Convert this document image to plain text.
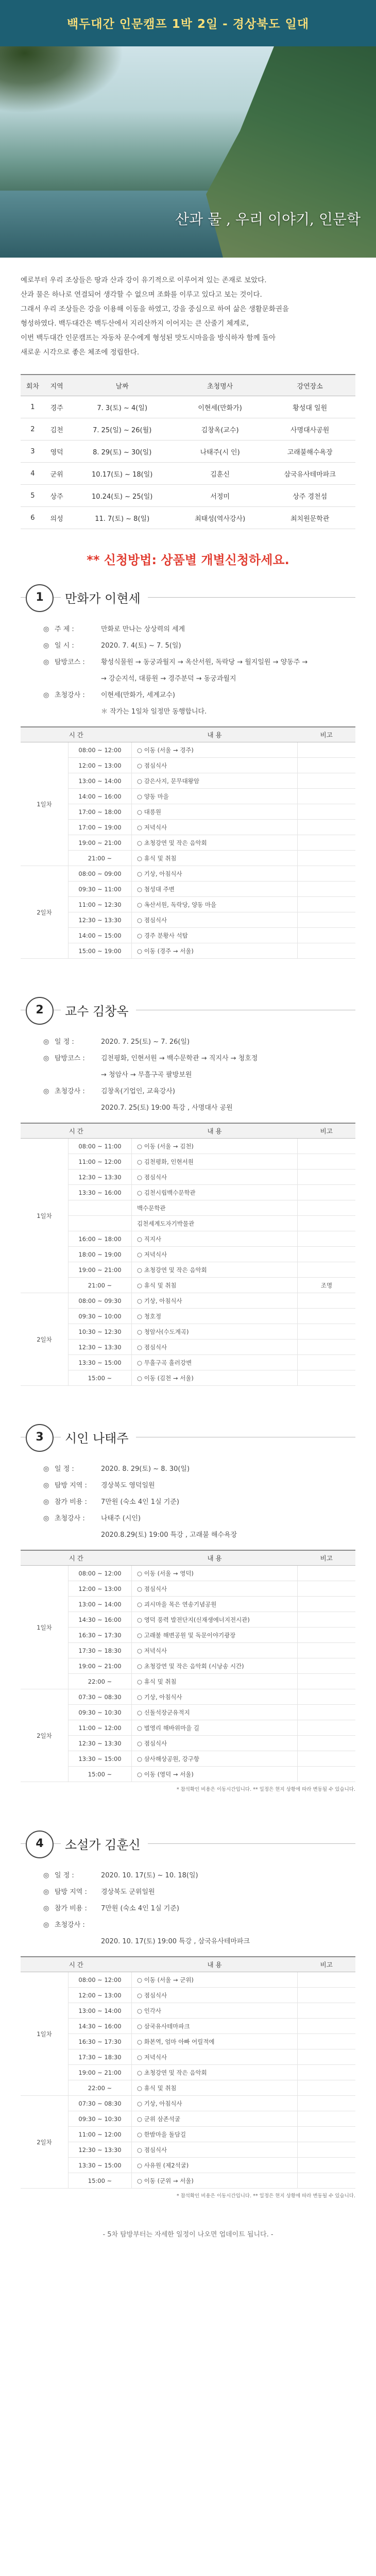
백두대간 인문캠프 1박 2일 - 경상북도 일대
산과 물 , 우리 이야기, 인문학
예로부터 우리 조상들은 땅과 산과 강이 유기적으로 이루어져 있는 존재로 보았다.
산과 물은 하나로 연결되어 생각할 수 없으며 조화를 이루고 있다고 보는 것이다.
그래서 우리 조상들은 강을 이용해 이동을 하였고, 강을 중심으로 하여 삶은 생활문화권을
형성하였다. 백두대간은 백두산에서 지리산까지 이어지는 큰 산줄기 체계로,
이번 백두대간 인문캠프는 자동차 문수에게 형성된 맛도시마을을 방식하자 함께 돌아
새로운 시각으로 좋은 체조에 정립한다.
회차	지역	날짜	초청명사	강연장소
1	경주	7. 3(토) ~ 4(일)	이현세(만화가)	황성대 일원
2	김천	7. 25(일) ~ 26(월)	김창옥(교수)	사명대사공원
3	영덕	8. 29(토) ~ 30(일)	나태주(시 인)	고래불해수욕장
4	군위	10.17(토) ~ 18(일)	김훈신	삼국유사테마파크
5	상주	10.24(토) ~ 25(일)	서정미	상주 경천섬
6	의성	11. 7(토) ~ 8(일)	최태성(역사강사)	최치원문학관
** 신청방법: 상품별 개별신청하세요.
1	만화가 이현세
◎ 주 제 :	만화로 만나는 상상력의 세계
◎ 일 시 :	2020. 7. 4(토) ~ 7. 5(일)
◎ 탐방코스 :	황성식물원 → 동궁과월지 → 옥산서원, 독락당 → 월지일원 → 양동주 →
→ 강순지석, 대릉원 → 경주분덕 → 동궁과월지
◎ 초청강사 :	이현세(만화가, 세계교수)
＊ 작가는 1일차 일정만 동행합니다.
시 간		내 용	비고
1일차	08:00 ~ 12:00	○ 이동 (서울 → 경주)	
	12:00 ~ 13:00	○ 점심식사	
	13:00 ~ 14:00	○ 감은사지, 문무대왕암	
	14:00 ~ 16:00	○ 양동 마을	
	17:00 ~ 18:00	○ 대릉원	
	17:00 ~ 19:00	○ 저녁식사	
	19:00 ~ 21:00	○ 초청강연 및 작은 음악회	
	21:00 ~	○ 휴식 및 취침	
2일차	08:00 ~ 09:00	○ 기상, 아침식사	
	09:30 ~ 11:00	○ 첨성대 주변	
	11:00 ~ 12:30	○ 옥산서원, 독락당, 양동 마을	
	12:30 ~ 13:30	○ 점심식사	
	14:00 ~ 15:00	○ 경주 분황사 석탑	
	15:00 ~ 19:00	○ 이동 (경주 → 서울)	
2	교수 김창옥
◎ 일 정 :	2020. 7. 25(토) ~ 7. 26(일)
◎ 탐방코스 :	김천평화, 인현서원 → 백수문학관 → 직지사 → 청호정
→ 청암사 → 무흘구곡 팔방보원
◎ 초청강사 :	김창옥(기업인, 교육강사)
2020.7. 25(토) 19:00 특강 , 사명대사 공원
시 간		내 용	비고
1일차	08:00 ~ 11:00	○ 이동 (서울 → 김천)	
	11:00 ~ 12:00	○ 김천평화, 인현서원	
	12:30 ~ 13:30	○ 점심식사	
	13:30 ~ 16:00	○ 김천시립백수문학관	
		백수문학관	
		김천세계도자기박물관	
	16:00 ~ 18:00	○ 직지사	
	18:00 ~ 19:00	○ 저녁식사	
	19:00 ~ 21:00	○ 초청강연 및 작은 음악회	
	21:00 ~	○ 휴식 및 취침	조명
2일차	08:00 ~ 09:30	○ 기상, 아침식사	
	09:30 ~ 10:00	○ 청호정	
	10:30 ~ 12:30	○ 청암사(수도계곡)	
	12:30 ~ 13:30	○ 점심식사	
	13:30 ~ 15:00	○ 무흘구곡 흘러강변	
	15:00 ~	○ 이동 (김천 → 서울)	
3	시인 나태주
◎ 일 정 :	2020. 8. 29(토) ~ 8. 30(일)
◎ 탐방 지역 :	경상북도 영덕일원
◎ 참가 비용 :	7만원 (숙소 4인 1실 기준)
◎ 초청강사 :	나태주 (시인)
2020.8.29(토) 19:00 특강 , 고래불 해수욕장
시 간		내 용	비고
1일차	08:00 ~ 12:00	○ 이동 (서울 → 영덕)	
	12:00 ~ 13:00	○ 점심식사	
	13:00 ~ 14:00	○ 괴시마을 목은 연송기념공원	
	14:30 ~ 16:00	○ 영덕 풍력 발전단지(신재생에너지전시관)	
	16:30 ~ 17:30	○ 고래불 해변공원 및 독문이야기광장	
	17:30 ~ 18:30	○ 저녁식사	
	19:00 ~ 21:00	○ 초청강연 및 작은 음악회 (시낭송 시간)	
	22:00 ~	○ 휴식 및 취침	
2일차	07:30 ~ 08:30	○ 기상, 아침식사	
	09:30 ~ 10:30	○ 신돌석장군유적지	
	11:00 ~ 12:00	○ 벌영리 해바위마을 길	
	12:30 ~ 13:30	○ 점심식사	
	13:30 ~ 15:00	○ 삼사해상공원, 강구항	
	15:00 ~	○ 이동 (영덕 → 서울)	
* 참석확인 비용은 이동시간입니다. ** 일정은 현지 상황에 따라 변동될 수 있습니다.
4	소설가 김훈신
◎ 일 정 :	2020. 10. 17(토) ~ 10. 18(일)
◎ 탐방 지역 :	경상북도 군위일원
◎ 참가 비용 :	7만원 (숙소 4인 1실 기준)
◎ 초청강사 :
2020. 10. 17(토) 19:00 특강 , 삼국유사테마파크
시 간		내 용	비고
1일차	08:00 ~ 12:00	○ 이동 (서울 → 군위)	
	12:00 ~ 13:00	○ 점심식사	
	13:00 ~ 14:00	○ 인각사	
	14:30 ~ 16:00	○ 삼국유사테마파크	
	16:30 ~ 17:30	○ 화본역, 엄마 아빠 어릴적에	
	17:30 ~ 18:30	○ 저녁식사	
	19:00 ~ 21:00	○ 초청강연 및 작은 음악회	
	22:00 ~	○ 휴식 및 취침	
2일차	07:30 ~ 08:30	○ 기상, 아침식사	
	09:30 ~ 10:30	○ 군위 삼존석굴	
	11:00 ~ 12:00	○ 한밤마을 돌담길	
	12:30 ~ 13:30	○ 점심식사	
	13:30 ~ 15:00	○ 사유원 (제2석굴)	
	15:00 ~	○ 이동 (군위 → 서울)	
* 참석확인 비용은 이동시간입니다. ** 일정은 현지 상황에 따라 변동될 수 있습니다.
- 5차 탐방부터는 자세한 일정이 나오면 업데이트 됩니다. -
